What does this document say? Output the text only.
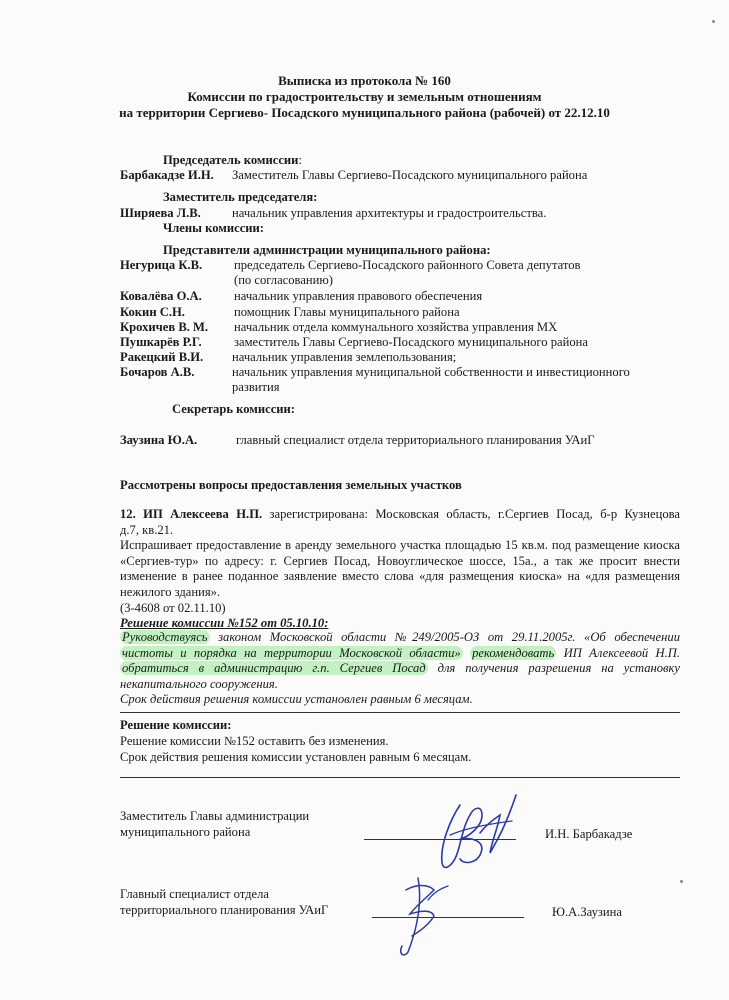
Выписка из протокола № 160
Комиссии по градостроительству и земельным отношениям
на территории Сергиево- Посадского муниципального района (рабочей) от 22.12.10
Председатель комиссии:
Барбакадзе И.Н. Заместитель Главы Сергиево-Посадского муниципального района
Заместитель председателя:
Ширяева Л.В. начальник управления архитектуры и градостроительства.
Члены комиссии:
Представители администрации муниципального района:
Негурица К.В.	председатель Сергиево-Посадского районного Совета депутатов
(по согласованию)
Ковалёва О.А.	начальник управления правового обеспечения
Кокин С.Н.	помощник Главы муниципального района
Крохичев В. М. начальник отдела коммунального хозяйства управления МХ
Пушкарёв Р.Г.	заместитель Главы Сергиево-Посадского муниципального района
Ракецкий В.И. начальник управления землепользования;
Бочаров А.В.	начальник управления муниципальной собственности и инвестиционного
развития
Секретарь комиссии:
Заузина Ю.А.	главный специалист отдела территориального планирования УАиГ
Рассмотрены вопросы предоставления земельных участков
12. ИП Алексеева Н.П. зарегистрирована: Московская область, г.Сергиев Посад, б-р Кузнецова
д.7, кв.21.
Испрашивает предоставление в аренду земельного участка площадью 15 кв.м. под размещение киоска «Сергиев-тур» по адресу: г. Сергиев Посад, Новоуглическое шоссе, 15а., а так же просит внести изменение в ранее поданное заявление вместо слова «для размещения киоска» на «для размещения нежилого здания».
(3-4608 от 02.11.10)
Решение комиссии №152 от 05.10.10:
Руководствуясь законом Московской области №249/2005-ОЗ от 29.11.2005г. «Об обеспечении чистоты и порядка на территории Московской области» рекомендовать ИП Алексеевой Н.П. обратиться в администрацию г.п. Сергиев Посад для получения разрешения на установку некапитального сооружения.
Срок действия решения комиссии установлен равным 6 месяцам.
Решение комиссии:
Решение комиссии №152 оставить без изменения.
Срок действия решения комиссии установлен равным 6 месяцам.
Заместитель Главы администрации
муниципального района	И.Н. Барбакадзе
Главный специалист отдела
территориального планирования УАиГ	Ю.А.Заузина
